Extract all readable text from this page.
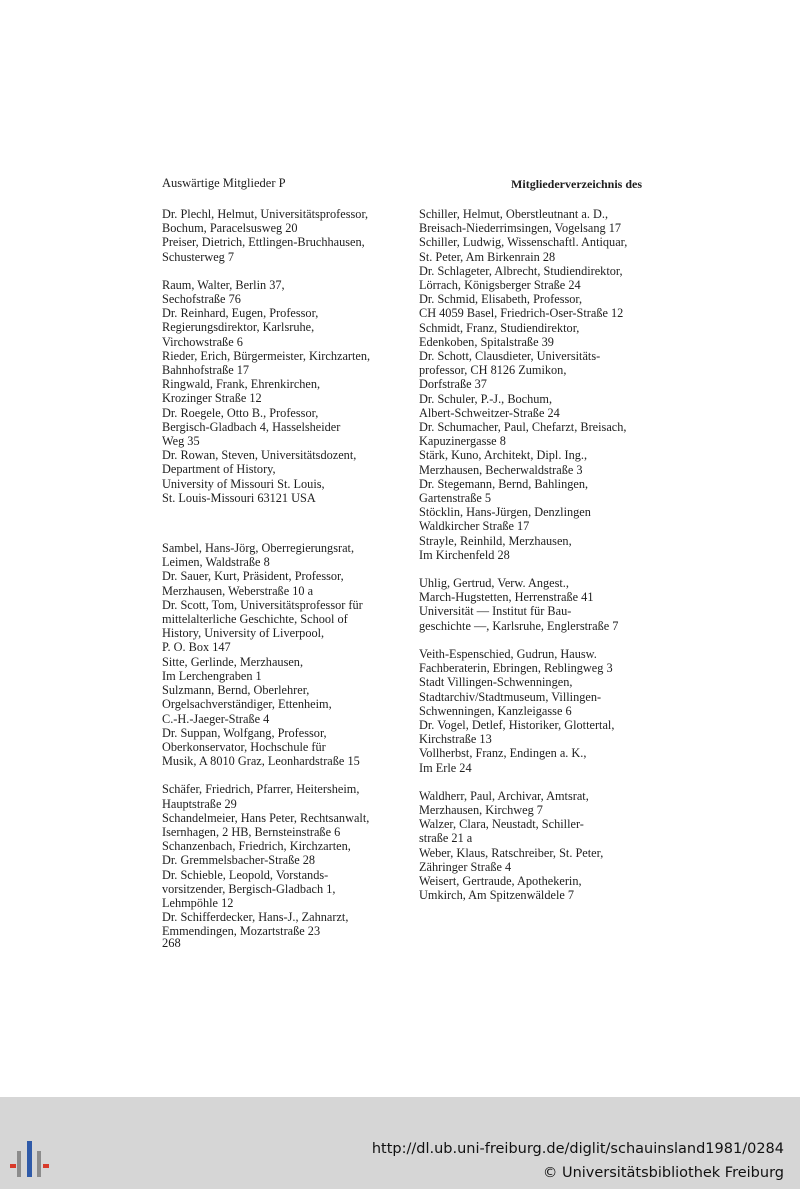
Auswärtige Mitglieder P	Mitgliederverzeichnis des
Dr. Plechl, Helmut, Universitätsprofessor,
Bochum, Paracelsusweg 20
Preiser, Dietrich, Ettlingen-Bruchhausen,
Schusterweg 7
Raum, Walter, Berlin 37,
Sechofstraße 76
Dr. Reinhard, Eugen, Professor,
Regierungsdirektor, Karlsruhe,
Virchowstraße 6
Rieder, Erich, Bürgermeister, Kirchzarten,
Bahnhofstraße 17
Ringwald, Frank, Ehrenkirchen,
Krozinger Straße 12
Dr. Roegele, Otto B., Professor,
Bergisch-Gladbach 4, Hasselsheider
Weg 35
Dr. Rowan, Steven, Universitätsdozent,
Department of History,
University of Missouri St. Louis,
St. Louis-Missouri 63121 USA
Sambel, Hans-Jörg, Oberregierungsrat,
Leimen, Waldstraße 8
Dr. Sauer, Kurt, Präsident, Professor,
Merzhausen, Weberstraße 10 a
Dr. Scott, Tom, Universitätsprofessor für
mittelalterliche Geschichte, School of
History, University of Liverpool,
P. O. Box 147
Sitte, Gerlinde, Merzhausen,
Im Lerchengraben 1
Sulzmann, Bernd, Oberlehrer,
Orgelsachverständiger, Ettenheim,
C.-H.-Jaeger-Straße 4
Dr. Suppan, Wolfgang, Professor,
Oberkonservator, Hochschule für
Musik, A 8010 Graz, Leonhardstraße 15
Schäfer, Friedrich, Pfarrer, Heitersheim,
Hauptstraße 29
Schandelmeier, Hans Peter, Rechtsanwalt,
Isernhagen, 2 HB, Bernsteinstraße 6
Schanzenbach, Friedrich, Kirchzarten,
Dr. Gremmelsbacher-Straße 28
Dr. Schieble, Leopold, Vorstands-
vorsitzender, Bergisch-Gladbach 1,
Lehmpöhle 12
Dr. Schifferdecker, Hans-J., Zahnarzt,
Emmendingen, Mozartstraße 23
Schiller, Helmut, Oberstleutnant a. D.,
Breisach-Niederrimsingen, Vogelsang 17
Schiller, Ludwig, Wissenschaftl. Antiquar,
St. Peter, Am Birkenrain 28
Dr. Schlageter, Albrecht, Studiendirektor,
Lörrach, Königsberger Straße 24
Dr. Schmid, Elisabeth, Professor,
CH 4059 Basel, Friedrich-Oser-Straße 12
Schmidt, Franz, Studiendirektor,
Edenkoben, Spitalstraße 39
Dr. Schott, Clausdieter, Universitäts-
professor, CH 8126 Zumikon,
Dorfstraße 37
Dr. Schuler, P.-J., Bochum,
Albert-Schweitzer-Straße 24
Dr. Schumacher, Paul, Chefarzt, Breisach,
Kapuzinergasse 8
Stärk, Kuno, Architekt, Dipl. Ing.,
Merzhausen, Becherwaldstraße 3
Dr. Stegemann, Bernd, Bahlingen,
Gartenstraße 5
Stöcklin, Hans-Jürgen, Denzlingen
Waldkircher Straße 17
Strayle, Reinhild, Merzhausen,
Im Kirchenfeld 28
Uhlig, Gertrud, Verw. Angest.,
March-Hugstetten, Herrenstraße 41
Universität — Institut für Bau-
geschichte —, Karlsruhe, Englerstraße 7
Veith-Espenschied, Gudrun, Hausw.
Fachberaterin, Ebringen, Reblingweg 3
Stadt Villingen-Schwenningen,
Stadtarchiv/Stadtmuseum, Villingen-
Schwenningen, Kanzleigasse 6
Dr. Vogel, Detlef, Historiker, Glottertal,
Kirchstraße 13
Vollherbst, Franz, Endingen a. K.,
Im Erle 24
Waldherr, Paul, Archivar, Amtsrat,
Merzhausen, Kirchweg 7
Walzer, Clara, Neustadt, Schiller-
straße 21 a
Weber, Klaus, Ratschreiber, St. Peter,
Zähringer Straße 4
Weisert, Gertraude, Apothekerin,
Umkirch, Am Spitzenwäldele 7
268
http://dl.ub.uni-freiburg.de/diglit/schauinsland1981/0284
© Universitätsbibliothek Freiburg
